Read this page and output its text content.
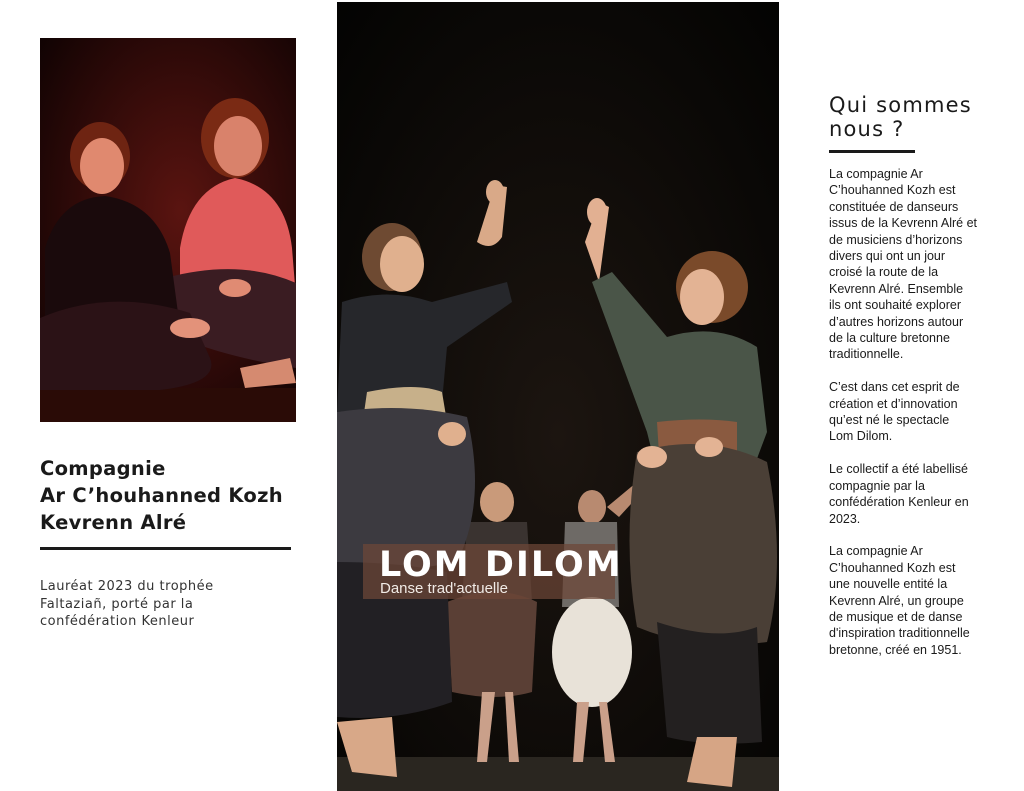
Compagnie
Ar C’houhanned Kozh
Kevrenn Alré
Lauréat 2023 du trophée
Faltaziañ, porté par la
confédération Kenleur
LOM DILOM
Danse trad'actuelle
Qui sommes
nous ?
La compagnie Ar
C’houhanned Kozh est
constituée de danseurs
issus de la Kevrenn Alré et
de musiciens d’horizons
divers qui ont un jour
croisé la route de la
Kevrenn Alré. Ensemble
ils ont souhaité explorer
d’autres horizons autour
de la culture bretonne
traditionnelle.
C’est dans cet esprit de
création et d’innovation
qu’est né le spectacle
Lom Dilom.
Le collectif a été labellisé
compagnie par la
confédération Kenleur en
2023.
La compagnie Ar
C’houhanned Kozh est
une nouvelle entité la
Kevrenn Alré, un groupe
de musique et de danse
d'inspiration traditionnelle
bretonne, créé en 1951.
